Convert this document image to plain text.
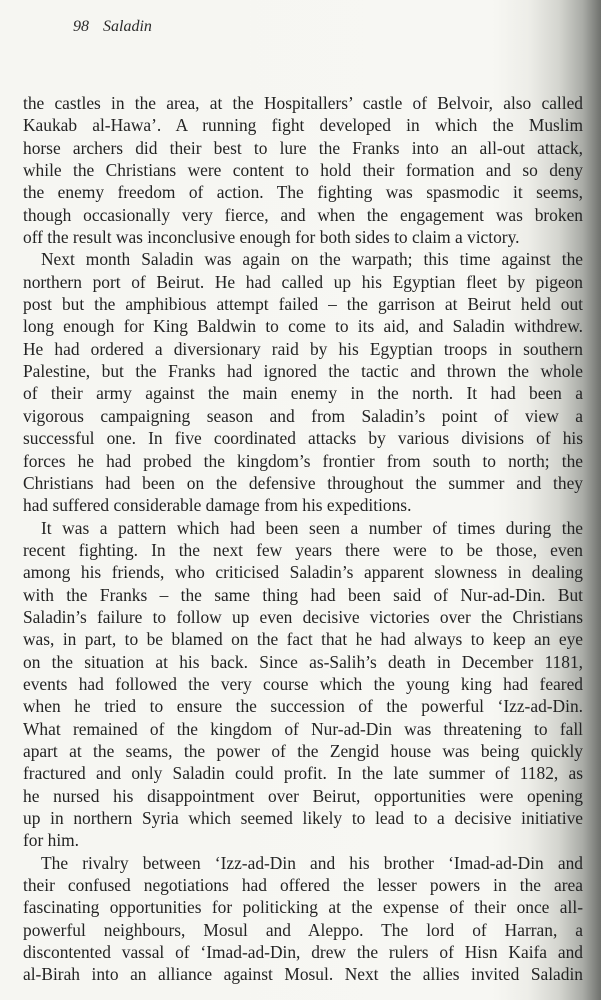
98 Saladin
the castles in the area, at the Hospitallers’ castle of Belvoir, also called
Kaukab al-Hawa’. A running fight developed in which the Muslim
horse archers did their best to lure the Franks into an all-out attack,
while the Christians were content to hold their formation and so deny
the enemy freedom of action. The fighting was spasmodic it seems,
though occasionally very fierce, and when the engagement was broken
off the result was inconclusive enough for both sides to claim a victory.
Next month Saladin was again on the warpath; this time against the
northern port of Beirut. He had called up his Egyptian fleet by pigeon
post but the amphibious attempt failed – the garrison at Beirut held out
long enough for King Baldwin to come to its aid, and Saladin withdrew.
He had ordered a diversionary raid by his Egyptian troops in southern
Palestine, but the Franks had ignored the tactic and thrown the whole
of their army against the main enemy in the north. It had been a
vigorous campaigning season and from Saladin’s point of view a
successful one. In five coordinated attacks by various divisions of his
forces he had probed the kingdom’s frontier from south to north; the
Christians had been on the defensive throughout the summer and they
had suffered considerable damage from his expeditions.
It was a pattern which had been seen a number of times during the
recent fighting. In the next few years there were to be those, even
among his friends, who criticised Saladin’s apparent slowness in dealing
with the Franks – the same thing had been said of Nur-ad-Din. But
Saladin’s failure to follow up even decisive victories over the Christians
was, in part, to be blamed on the fact that he had always to keep an eye
on the situation at his back. Since as-Salih’s death in December 1181,
events had followed the very course which the young king had feared
when he tried to ensure the succession of the powerful ‘Izz-ad-Din.
What remained of the kingdom of Nur-ad-Din was threatening to fall
apart at the seams, the power of the Zengid house was being quickly
fractured and only Saladin could profit. In the late summer of 1182, as
he nursed his disappointment over Beirut, opportunities were opening
up in northern Syria which seemed likely to lead to a decisive initiative
for him.
The rivalry between ‘Izz-ad-Din and his brother ‘Imad-ad-Din and
their confused negotiations had offered the lesser powers in the area
fascinating opportunities for politicking at the expense of their once all-
powerful neighbours, Mosul and Aleppo. The lord of Harran, a
discontented vassal of ‘Imad-ad-Din, drew the rulers of Hisn Kaifa and
al-Birah into an alliance against Mosul. Next the allies invited Saladin
